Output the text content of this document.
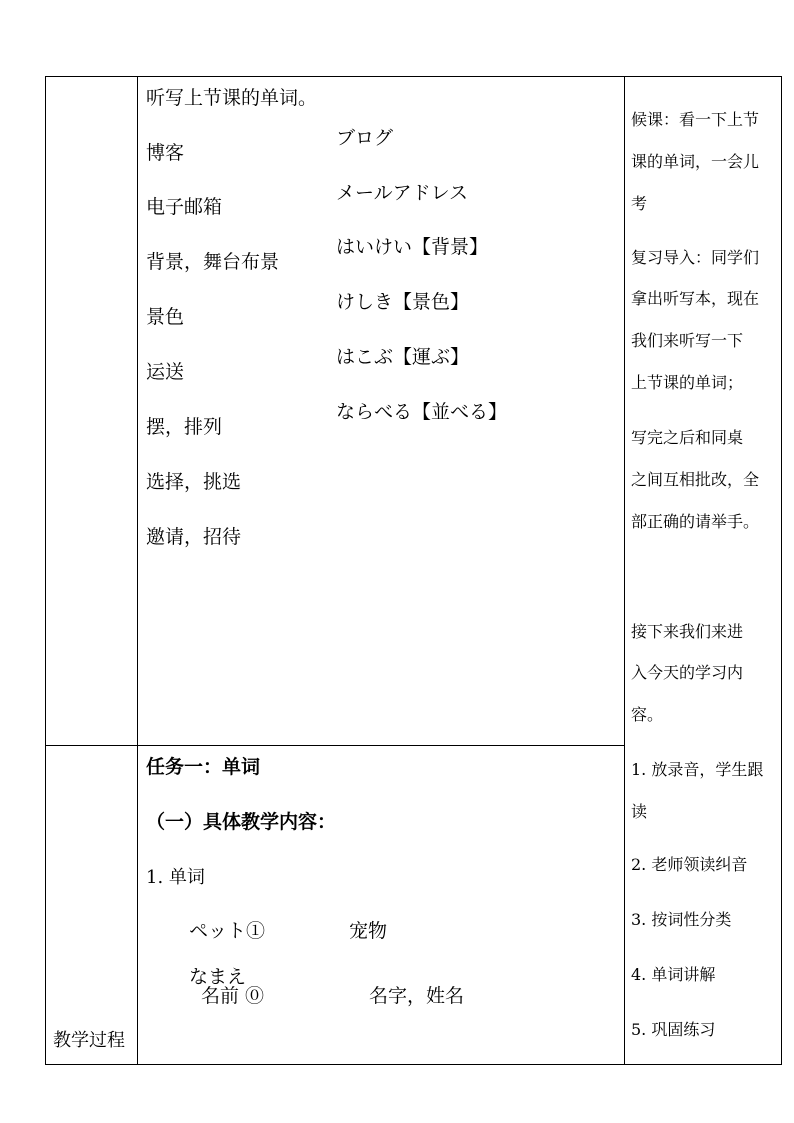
听写上节课的单词。
博客
电子邮箱
背景，舞台布景
景色
运送
摆，排列
选择，挑选
邀请，招待
ブログ
メールアドレス
はいけい【背景】
けしき【景色】
はこぶ【運ぶ】
ならべる【並べる】
任务一：单词
（一）具体教学内容：
1. 单词
ペット①	宠物
なまえ
名前 ⓪	名字，姓名
教学过程
候课：看一下上节
课的单词，一会儿
考
复习导入：同学们
拿出听写本，现在
我们来听写一下
上节课的单词；
写完之后和同桌
之间互相批改，全
部正确的请举手。
接下来我们来进
入今天的学习内
容。
1. 放录音，学生跟
读
2. 老师领读纠音
3. 按词性分类
4. 单词讲解
5. 巩固练习
